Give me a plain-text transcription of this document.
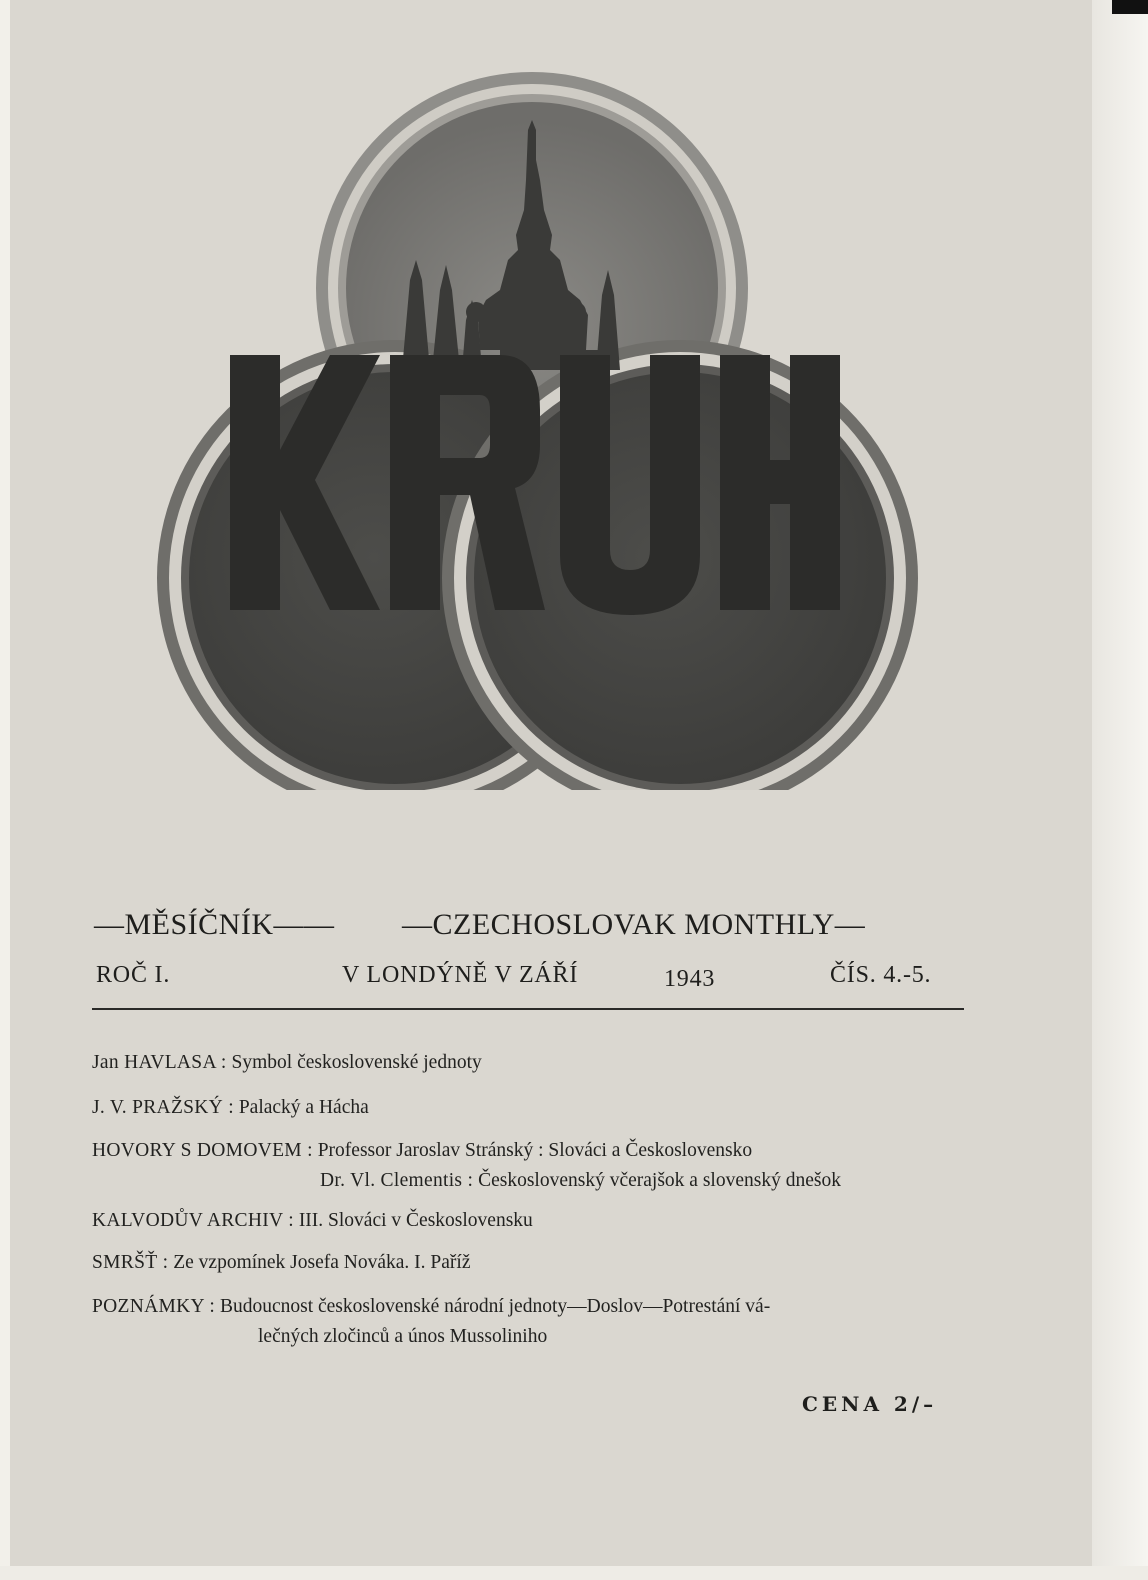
—MĚSÍČNÍK—— —CZECHOSLOVAK MONTHLY—
ROČ I.	V LONDÝNĚ V ZÁŘÍ	1943	ČÍS. 4.-5.
Jan HAVLASA : Symbol československé jednoty
J. V. PRAŽSKÝ : Palacký a Hácha
HOVORY S DOMOVEM : Professor Jaroslav Stránský : Slováci a Československo
Dr. Vl. Clementis : Československý včerajšok a slovenský dnešok
KALVODŮV ARCHIV : III. Slováci v Československu
SMRŠŤ : Ze vzpomínek Josefa Nováka. I. Paříž
POZNÁMKY : Budoucnost československé národní jednoty—Doslov—Potrestání vá-
lečných zločinců a únos Mussoliniho
CENA 2/–
